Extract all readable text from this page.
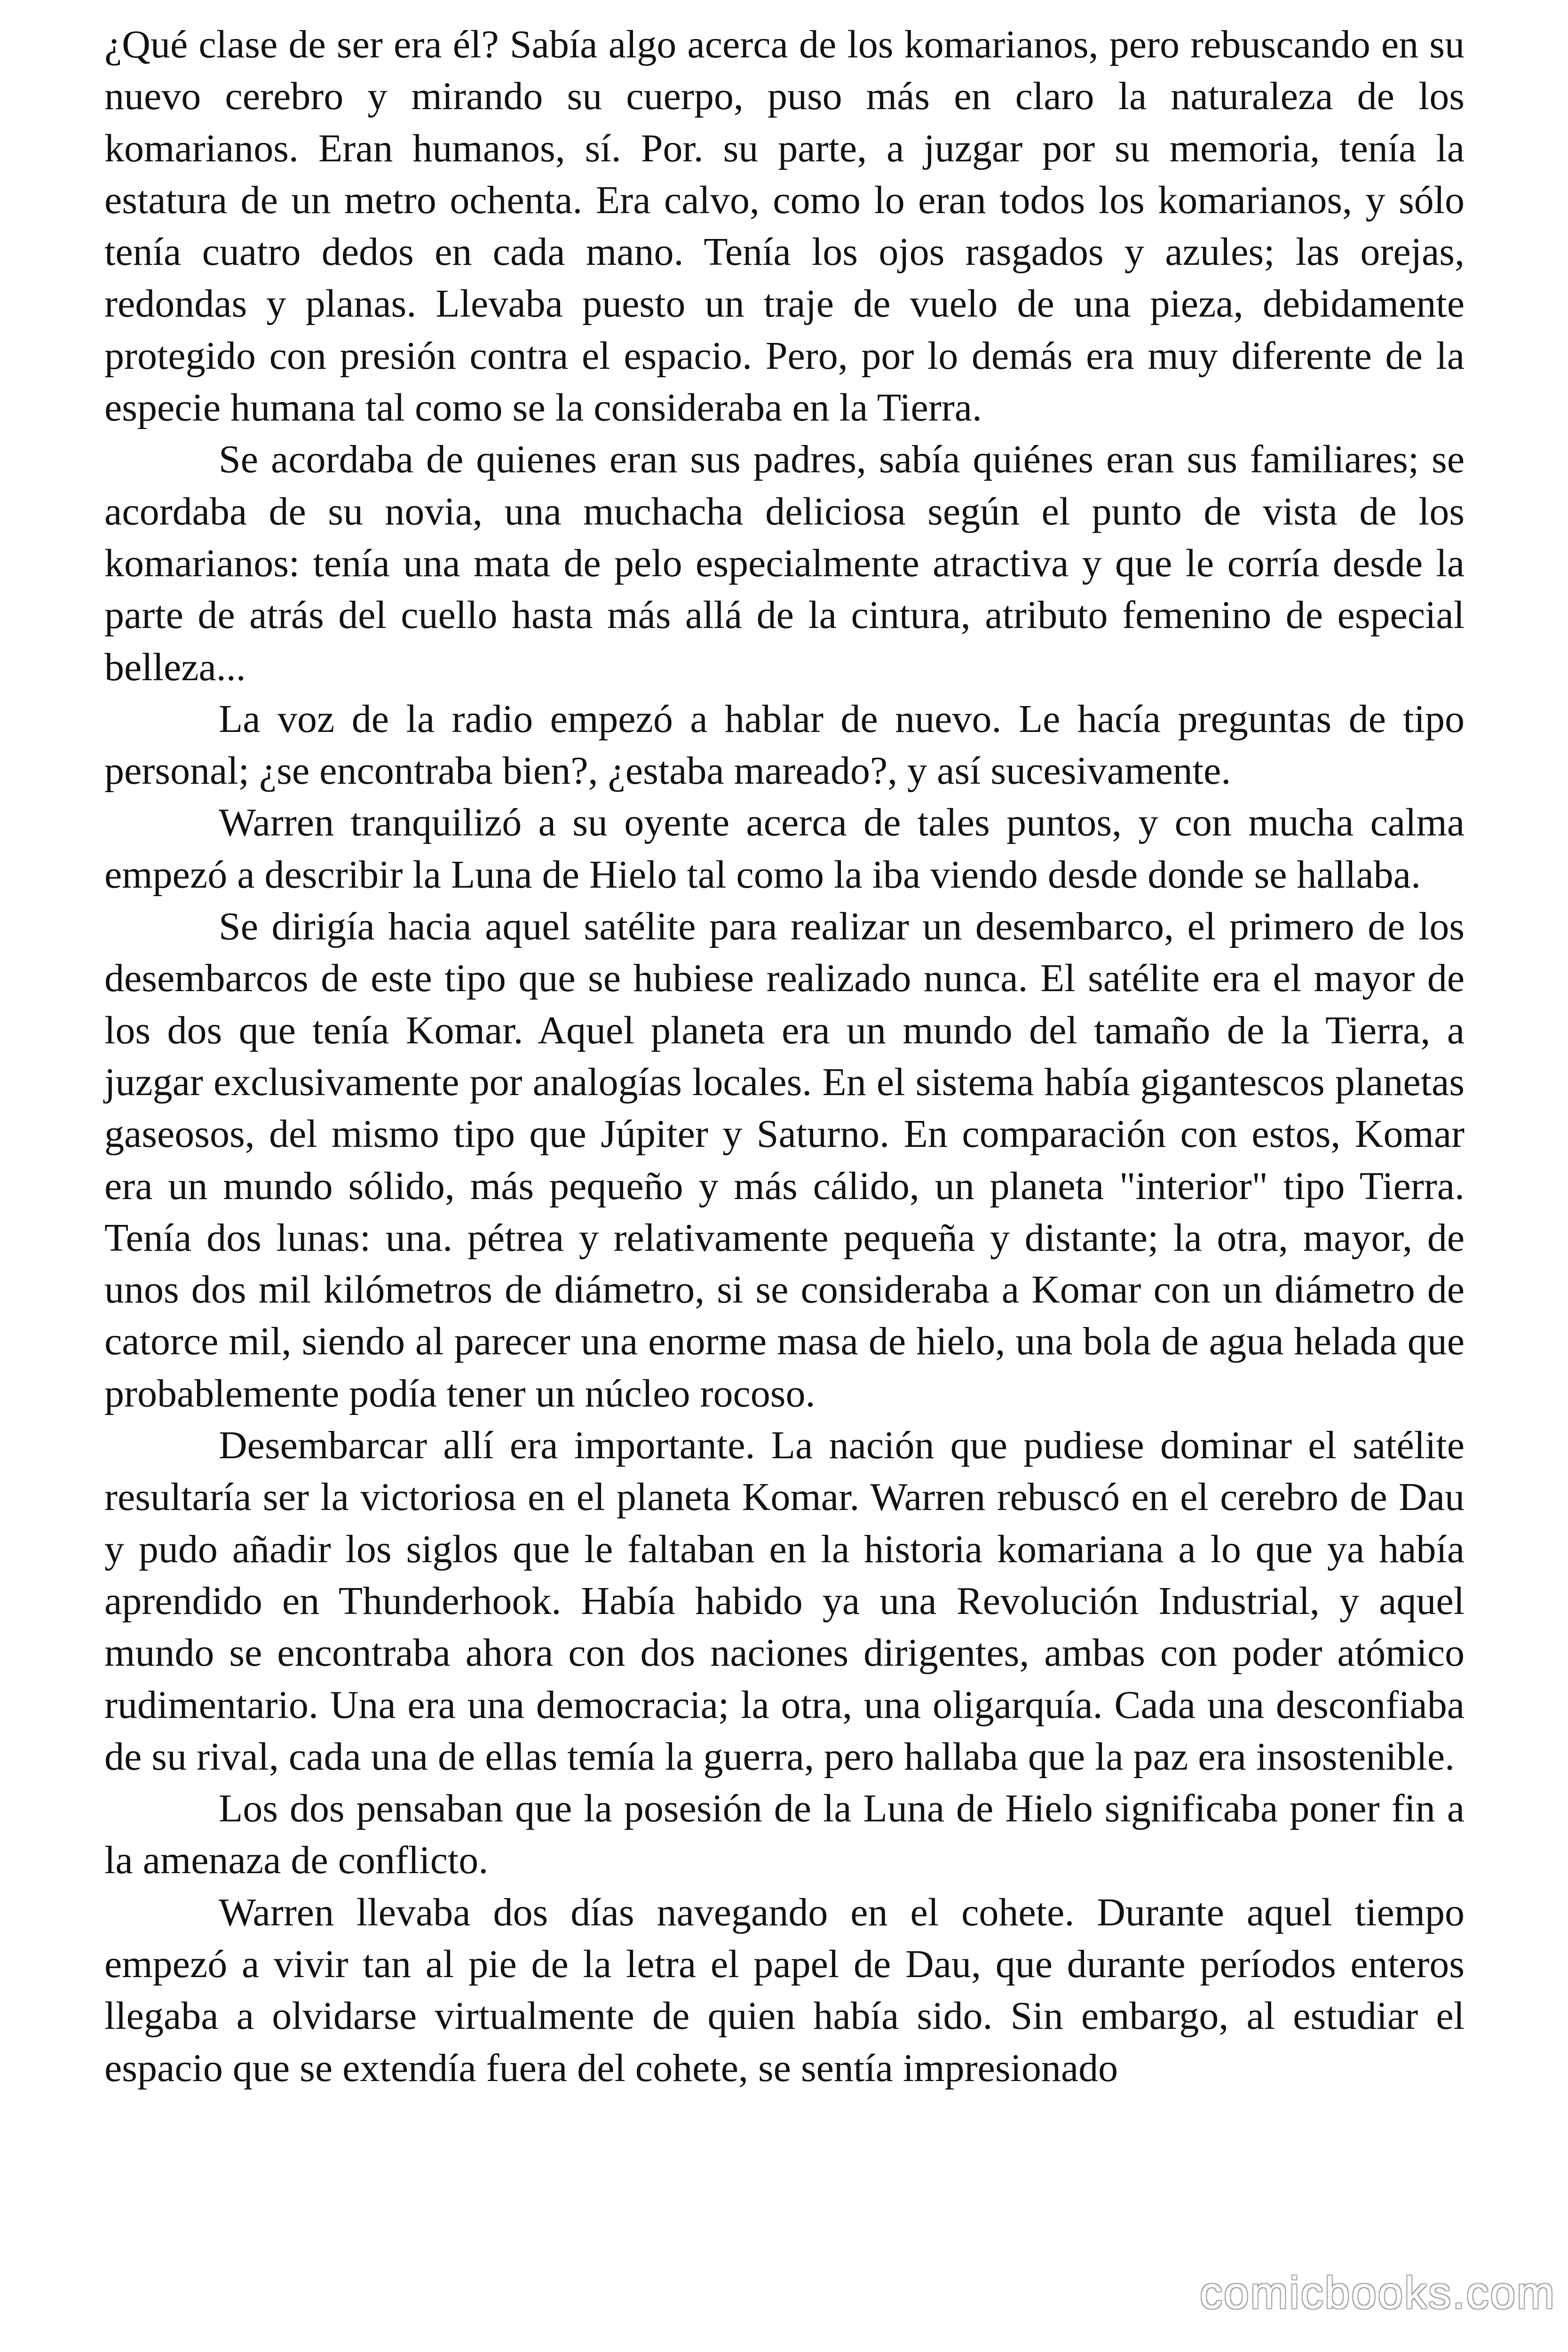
¿Qué clase de ser era él? Sabía algo acerca de los komarianos, pero rebuscando en su nuevo cerebro y mirando su cuerpo, puso más en claro la naturaleza de los komarianos. Eran humanos, sí. Por. su parte, a juzgar por su memoria, tenía la estatura de un metro ochenta. Era calvo, como lo eran todos los komarianos, y sólo tenía cuatro dedos en cada mano. Tenía los ojos rasgados y azules; las orejas, redondas y planas. Llevaba puesto un traje de vuelo de una pieza, debidamente protegido con presión contra el espacio. Pero, por lo demás era muy diferente de la especie humana tal como se la consideraba en la Tierra.

Se acordaba de quienes eran sus padres, sabía quiénes eran sus familiares; se acordaba de su novia, una muchacha deliciosa según el punto de vista de los komarianos: tenía una mata de pelo especialmente atractiva y que le corría desde la parte de atrás del cuello hasta más allá de la cintura, atributo femenino de especial belleza...

La voz de la radio empezó a hablar de nuevo. Le hacía preguntas de tipo personal; ¿se encontraba bien?, ¿estaba mareado?, y así sucesivamente.

Warren tranquilizó a su oyente acerca de tales puntos, y con mucha calma empezó a describir la Luna de Hielo tal como la iba viendo desde donde se hallaba.

Se dirigía hacia aquel satélite para realizar un desembarco, el primero de los desembarcos de este tipo que se hubiese realizado nunca. El satélite era el mayor de los dos que tenía Komar. Aquel planeta era un mundo del tamaño de la Tierra, a juzgar exclusivamente por analogías locales. En el sistema había gigantescos planetas gaseosos, del mismo tipo que Júpiter y Saturno. En comparación con estos, Komar era un mundo sólido, más pequeño y más cálido, un planeta "interior" tipo Tierra. Tenía dos lunas: una. pétrea y relativamente pequeña y distante; la otra, mayor, de unos dos mil kilómetros de diámetro, si se consideraba a Komar con un diámetro de catorce mil, siendo al parecer una enorme masa de hielo, una bola de agua helada que probablemente podía tener un núcleo rocoso.

Desembarcar allí era importante. La nación que pudiese dominar el satélite resultaría ser la victoriosa en el planeta Komar. Warren rebuscó en el cerebro de Dau y pudo añadir los siglos que le faltaban en la historia komariana a lo que ya había aprendido en Thunderhook. Había habido ya una Revolución Industrial, y aquel mundo se encontraba ahora con dos naciones dirigentes, ambas con poder atómico rudimentario. Una era una democracia; la otra, una oligarquía. Cada una desconfiaba de su rival, cada una de ellas temía la guerra, pero hallaba que la paz era insostenible.

Los dos pensaban que la posesión de la Luna de Hielo significaba poner fin a la amenaza de conflicto.

Warren llevaba dos días navegando en el cohete. Durante aquel tiempo empezó a vivir tan al pie de la letra el papel de Dau, que durante períodos enteros llegaba a olvidarse virtualmente de quien había sido. Sin embargo, al estudiar el espacio que se extendía fuera del cohete, se sentía impresionado

comicbooks.com
